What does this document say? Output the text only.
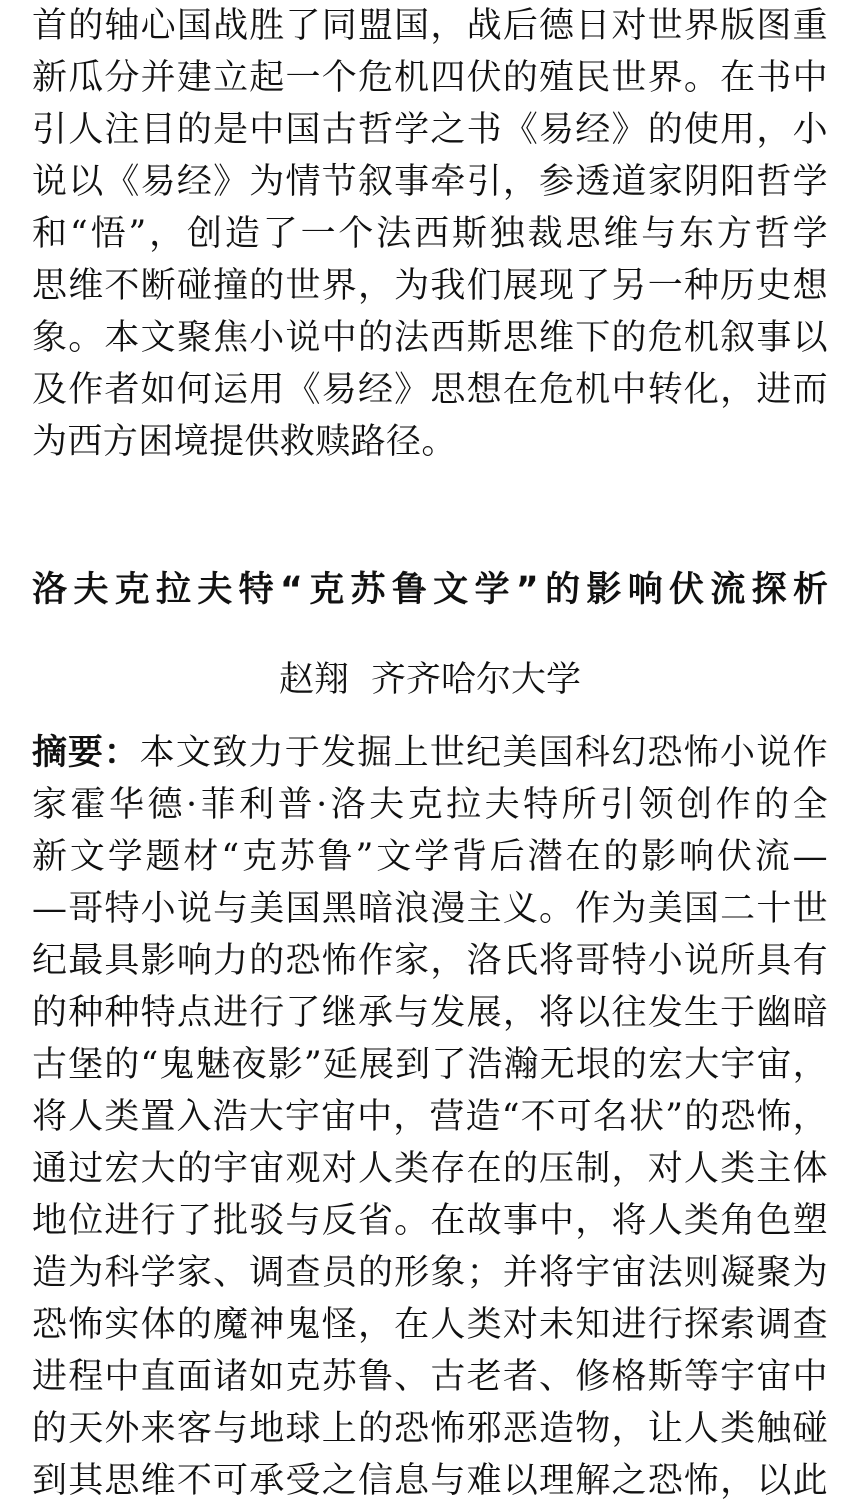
首的轴心国战胜了同盟国，战后德日对世界版图重
新瓜分并建立起一个危机四伏的殖民世界。在书中
引人注目的是中国古哲学之书《易经》的使用，小
说以《易经》为情节叙事牵引，参透道家阴阳哲学
和“悟”，创造了一个法西斯独裁思维与东方哲学
思维不断碰撞的世界，为我们展现了另一种历史想
象。本文聚焦小说中的法西斯思维下的危机叙事以
及作者如何运用《易经》思想在危机中转化，进而
为西方困境提供救赎路径。
洛夫克拉夫特“克苏鲁文学”的影响伏流探析
赵翔 齐齐哈尔大学
摘要：本文致力于发掘上世纪美国科幻恐怖小说作
家霍华德·菲利普·洛夫克拉夫特所引领创作的全
新文学题材“克苏鲁”文学背后潜在的影响伏流—
—哥特小说与美国黑暗浪漫主义。作为美国二十世
纪最具影响力的恐怖作家，洛氏将哥特小说所具有
的种种特点进行了继承与发展，将以往发生于幽暗
古堡的“鬼魅夜影”延展到了浩瀚无垠的宏大宇宙，
将人类置入浩大宇宙中，营造“不可名状”的恐怖，
通过宏大的宇宙观对人类存在的压制，对人类主体
地位进行了批驳与反省。在故事中，将人类角色塑
造为科学家、调查员的形象；并将宇宙法则凝聚为
恐怖实体的魔神鬼怪，在人类对未知进行探索调查
进程中直面诸如克苏鲁、古老者、修格斯等宇宙中
的天外来客与地球上的恐怖邪恶造物，让人类触碰
到其思维不可承受之信息与难以理解之恐怖，以此
